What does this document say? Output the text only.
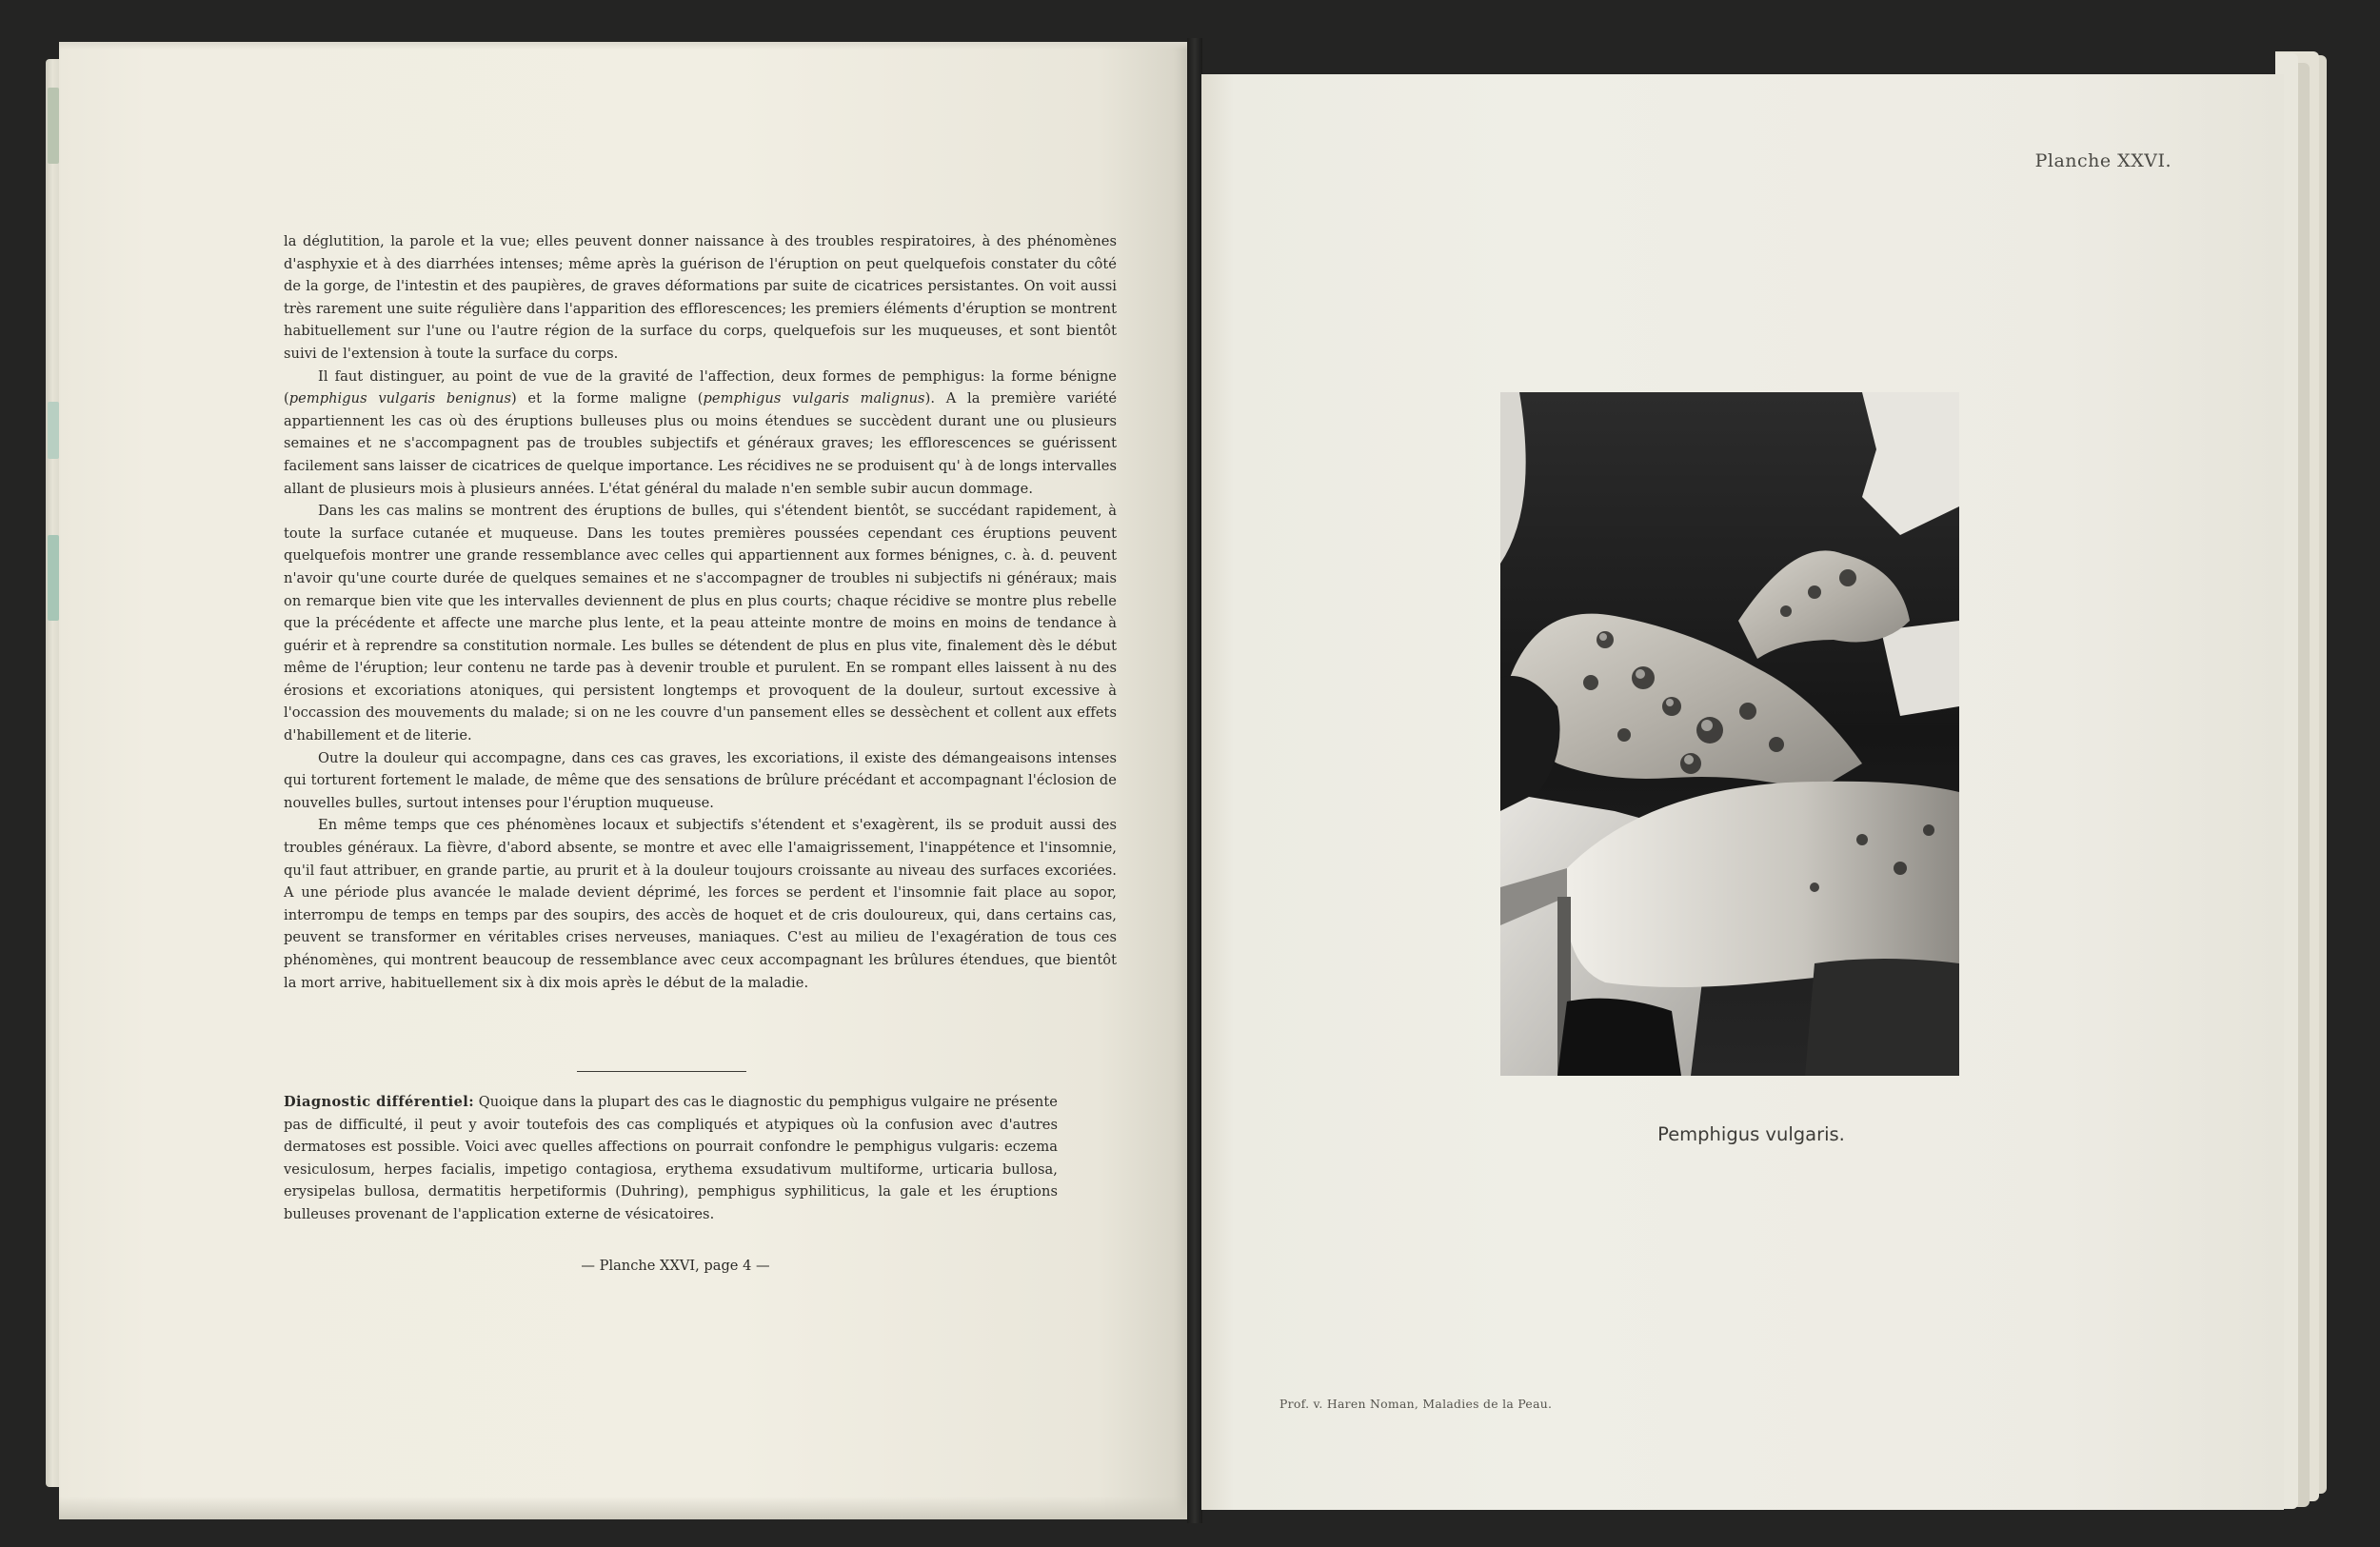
la déglutition, la parole et la vue; elles peuvent donner naissance à des troubles respiratoires, à des phénomènes d'asphyxie et à des diarrhées intenses; même après la guérison de l'éruption on peut quelquefois constater du côté de la gorge, de l'intestin et des paupières, de graves déformations par suite de cicatrices persistantes. On voit aussi très rarement une suite régulière dans l'apparition des efflorescences; les premiers éléments d'éruption se montrent habituellement sur l'une ou l'autre région de la surface du corps, quelquefois sur les muqueuses, et sont bientôt suivi de l'extension à toute la surface du corps.

Il faut distinguer, au point de vue de la gravité de l'affection, deux formes de pemphigus: la forme bénigne (pemphigus vulgaris benignus) et la forme maligne (pemphigus vulgaris malignus). A la première variété appartiennent les cas où des éruptions bulleuses plus ou moins étendues se succèdent durant une ou plusieurs semaines et ne s'accompagnent pas de troubles subjectifs et généraux graves; les efflorescences se guérissent facilement sans laisser de cicatrices de quelque importance. Les récidives ne se produisent qu' à de longs intervalles allant de plusieurs mois à plusieurs années. L'état général du malade n'en semble subir aucun dommage.

Dans les cas malins se montrent des éruptions de bulles, qui s'étendent bientôt, se succédant rapidement, à toute la surface cutanée et muqueuse. Dans les toutes premières poussées cependant ces éruptions peuvent quelquefois montrer une grande ressemblance avec celles qui appartiennent aux formes bénignes, c. à. d. peuvent n'avoir qu'une courte durée de quelques semaines et ne s'accompagner de troubles ni subjectifs ni généraux; mais on remarque bien vite que les intervalles deviennent de plus en plus courts; chaque récidive se montre plus rebelle que la précédente et affecte une marche plus lente, et la peau atteinte montre de moins en moins de tendance à guérir et à reprendre sa constitution normale. Les bulles se détendent de plus en plus vite, finalement dès le début même de l'éruption; leur contenu ne tarde pas à devenir trouble et purulent. En se rompant elles laissent à nu des érosions et excoriations atoniques, qui persistent longtemps et provoquent de la douleur, surtout excessive à l'occassion des mouvements du malade; si on ne les couvre d'un pansement elles se dessèchent et collent aux effets d'habillement et de literie.

Outre la douleur qui accompagne, dans ces cas graves, les excoriations, il existe des démangeaisons intenses qui torturent fortement le malade, de même que des sensations de brûlure précédant et accompagnant l'éclosion de nouvelles bulles, surtout intenses pour l'éruption muqueuse.

En même temps que ces phénomènes locaux et subjectifs s'étendent et s'exagèrent, ils se produit aussi des troubles généraux. La fièvre, d'abord absente, se montre et avec elle l'amaigrissement, l'inappétence et l'insomnie, qu'il faut attribuer, en grande partie, au prurit et à la douleur toujours croissante au niveau des surfaces excoriées. A une période plus avancée le malade devient déprimé, les forces se perdent et l'insomnie fait place au sopor, interrompu de temps en temps par des soupirs, des accès de hoquet et de cris douloureux, qui, dans certains cas, peuvent se transformer en véritables crises nerveuses, maniaques. C'est au milieu de l'exagération de tous ces phénomènes, qui montrent beaucoup de ressemblance avec ceux accompagnant les brûlures étendues, que bientôt la mort arrive, habituellement six à dix mois après le début de la maladie.

Diagnostic différentiel: Quoique dans la plupart des cas le diagnostic du pemphigus vulgaire ne présente pas de difficulté, il peut y avoir toutefois des cas compliqués et atypiques où la confusion avec d'autres dermatoses est possible. Voici avec quelles affections on pourrait confondre le pemphigus vulgaris: eczema vesiculosum, herpes facialis, impetigo contagiosa, erythema exsudativum multiforme, urticaria bullosa, erysipelas bullosa, dermatitis herpetiformis (Duhring), pemphigus syphiliticus, la gale et les éruptions bulleuses provenant de l'application externe de vésicatoires.

— Planche XXVI, page 4 —
Planche XXVI.
Pemphigus vulgaris.
Prof. v. Haren Noman, Maladies de la Peau.
